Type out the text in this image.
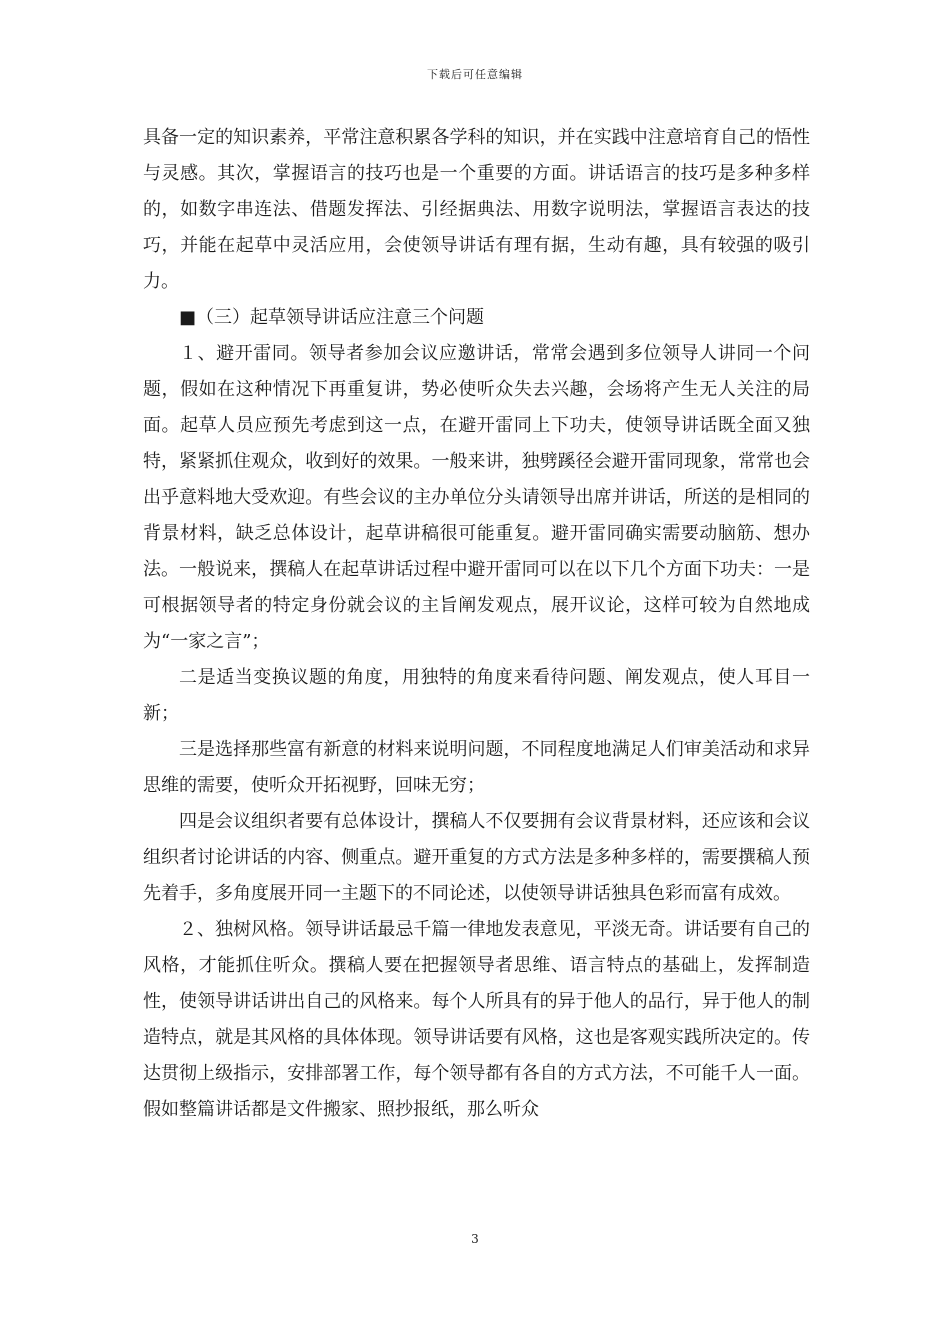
下载后可任意编辑

具备一定的知识素养，平常注意积累各学科的知识，并在实践中注意培育自己的悟性与灵感。其次，掌握语言的技巧也是一个重要的方面。讲话语言的技巧是多种多样的，如数字串连法、借题发挥法、引经据典法、用数字说明法，掌握语言表达的技巧，并能在起草中灵活应用，会使领导讲话有理有据，生动有趣，具有较强的吸引力。

■（三）起草领导讲话应注意三个问题

１、避开雷同。领导者参加会议应邀讲话，常常会遇到多位领导人讲同一个问题，假如在这种情况下再重复讲，势必使听众失去兴趣，会场将产生无人关注的局面。起草人员应预先考虑到这一点，在避开雷同上下功夫，使领导讲话既全面又独特，紧紧抓住观众，收到好的效果。一般来讲，独劈蹊径会避开雷同现象，常常也会出乎意料地大受欢迎。有些会议的主办单位分头请领导出席并讲话，所送的是相同的背景材料，缺乏总体设计，起草讲稿很可能重复。避开雷同确实需要动脑筋、想办法。一般说来，撰稿人在起草讲话过程中避开雷同可以在以下几个方面下功夫：一是可根据领导者的特定身份就会议的主旨阐发观点，展开议论，这样可较为自然地成为“一家之言”；

二是适当变换议题的角度，用独特的角度来看待问题、阐发观点，使人耳目一新；

三是选择那些富有新意的材料来说明问题，不同程度地满足人们审美活动和求异思维的需要，使听众开拓视野，回味无穷；

四是会议组织者要有总体设计，撰稿人不仅要拥有会议背景材料，还应该和会议组织者讨论讲话的内容、侧重点。避开重复的方式方法是多种多样的，需要撰稿人预先着手，多角度展开同一主题下的不同论述，以使领导讲话独具色彩而富有成效。

２、独树风格。领导讲话最忌千篇一律地发表意见，平淡无奇。讲话要有自己的风格，才能抓住听众。撰稿人要在把握领导者思维、语言特点的基础上，发挥制造性，使领导讲话讲出自己的风格来。每个人所具有的异于他人的品行，异于他人的制造特点，就是其风格的具体体现。领导讲话要有风格，这也是客观实践所决定的。传达贯彻上级指示，安排部署工作，每个领导都有各自的方式方法，不可能千人一面。假如整篇讲话都是文件搬家、照抄报纸，那么听众

3
